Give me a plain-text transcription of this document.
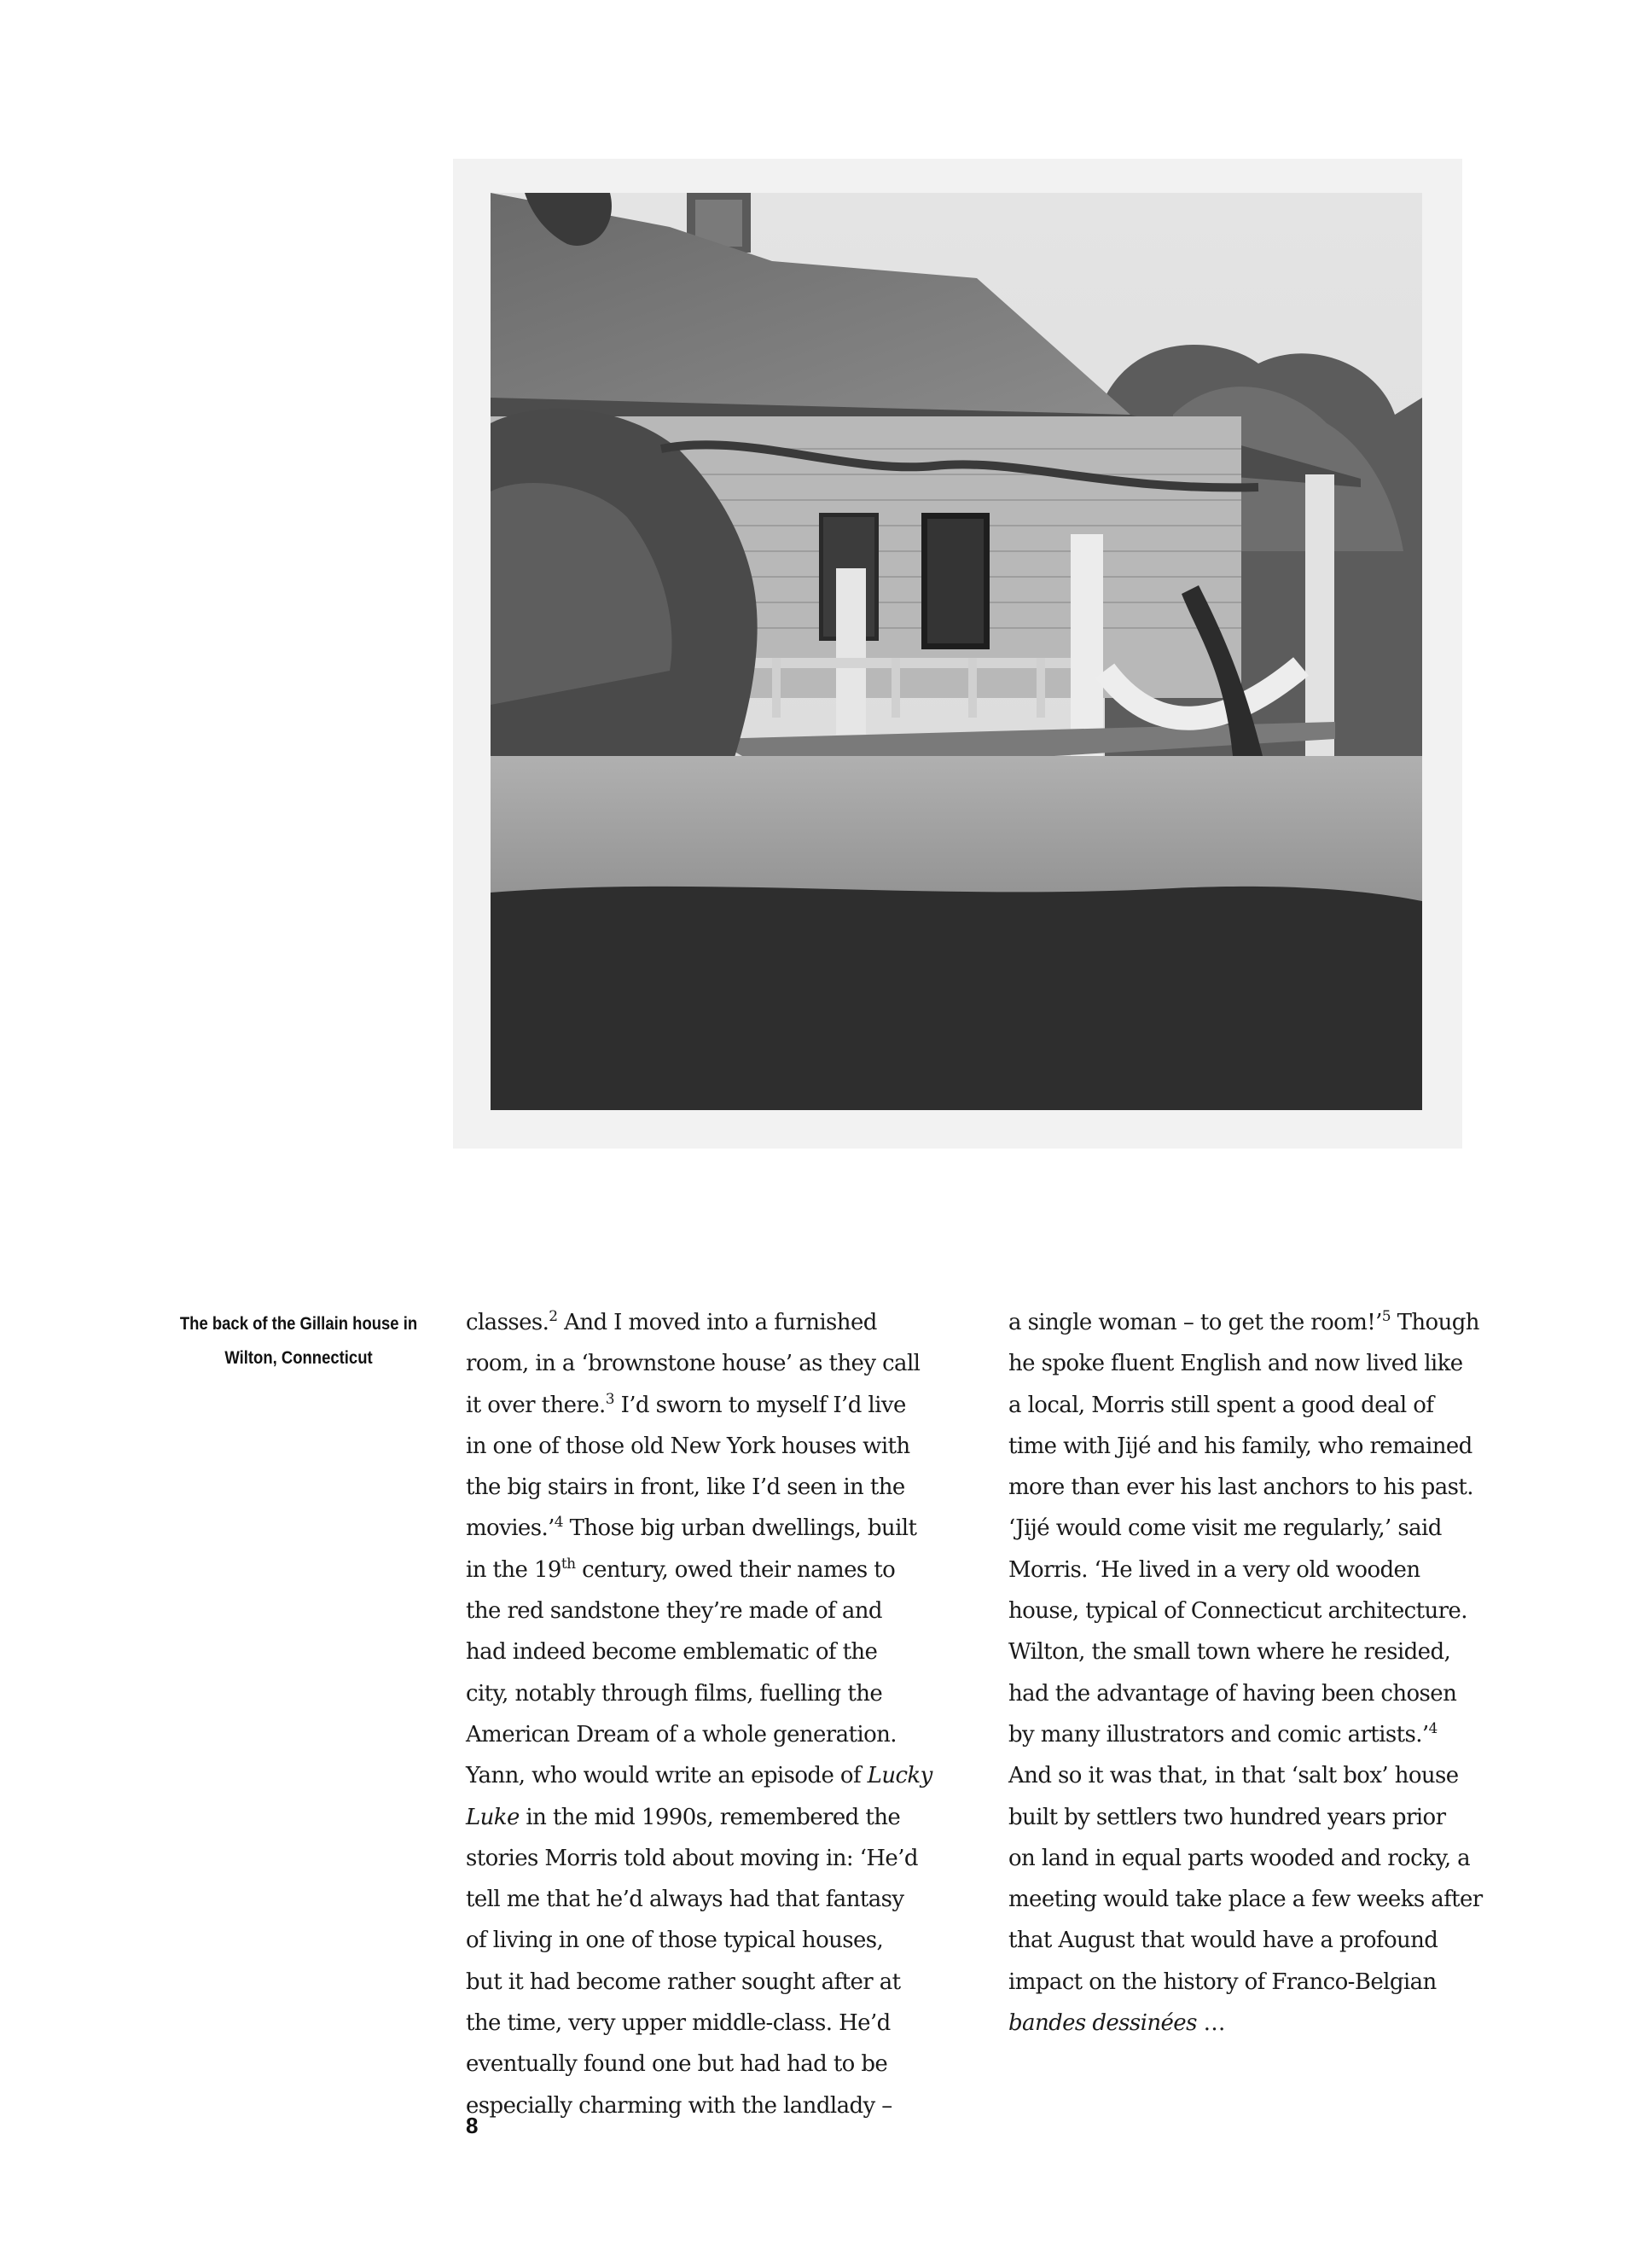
The back of the Gillain house in
Wilton, Connecticut
classes.$^2$ And I moved into a furnished
room, in a ‘brownstone house’ as they call
it over there.$^3$ I’d sworn to myself I’d live
in one of those old New York houses with
the big stairs in front, like I’d seen in the
movies.’$^4$ Those big urban dwellings, built
in the 19th century, owed their names to
the red sandstone they’re made of and
had indeed become emblematic of the
city, notably through films, fuelling the
American Dream of a whole generation.
Yann, who would write an episode of Lucky
Luke in the mid 1990s, remembered the
stories Morris told about moving in: ‘He’d
tell me that he’d always had that fantasy
of living in one of those typical houses,
but it had become rather sought after at
the time, very upper middle-class. He’d
eventually found one but had had to be
especially charming with the landlady –
a single woman – to get the room!’$^5$ Though
he spoke fluent English and now lived like
a local, Morris still spent a good deal of
time with Jijé and his family, who remained
more than ever his last anchors to his past.
‘Jijé would come visit me regularly,’ said
Morris. ‘He lived in a very old wooden
house, typical of Connecticut architecture.
Wilton, the small town where he resided,
had the advantage of having been chosen
by many illustrators and comic artists.’$^4$
And so it was that, in that ‘salt box’ house
built by settlers two hundred years prior
on land in equal parts wooded and rocky, a
meeting would take place a few weeks after
that August that would have a profound
impact on the history of Franco-Belgian
bandes dessinées …
8
